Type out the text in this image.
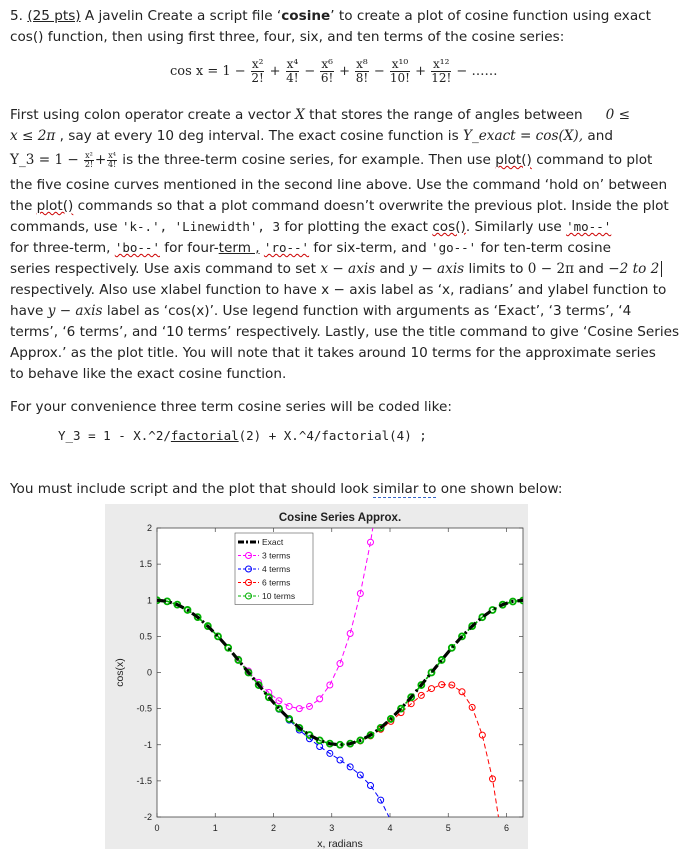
5. (25 pts) A javelin Create a script file ‘cosine’ to create a plot of cosine function using exact
cos() function, then using first three, four, six, and ten terms of the cosine series:
$\cos x = 1 - \frac{\text{x²}}{2!} + \frac{\text{x⁴}}{4!} - \frac{\text{x⁶}}{6!} + \frac{\text{x⁸}}{8!} - \frac{\text{x¹⁰}}{10!} + \frac{\text{x¹²}}{12!}$ − ……
First using colon operator create a vector X that stores the range of angles between 0 ≤
x ≤ 2π , say at every 10 deg interval. The exact cosine function is Y_exact = cos(X), and
Y_3 = $1 - \frac{\text{x²}}{2!} + \frac{\text{x⁴}}{4!}$ is the three-term cosine series, for example. Then use plot() command to plot
the five cosine curves mentioned in the second line above. Use the command ‘hold on’ between
the plot() commands so that a plot command doesn’t overwrite the previous plot. Inside the plot
commands, use 'k-.', 'Linewidth', 3 for plotting the exact cos(). Similarly use 'mo--'
for three-term, 'bo--' for four-term , 'ro--' for six-term, and 'go--' for ten-term cosine
series respectively. Use axis command to set x − axis and y − axis limits to 0 − 2π and −2 to 2
respectively. Also use xlabel function to have x − axis label as ‘x, radians’ and ylabel function to
have y − axis label as ‘cos(x)’. Use legend function with arguments as ‘Exact’, ‘3 terms’, ‘4
terms’, ‘6 terms’, and ‘10 terms’ respectively. Lastly, use the title command to give ‘Cosine Series
Approx.’ as the plot title. You will note that it takes around 10 terms for the approximate series
to behave like the exact cosine function.
For your convenience three term cosine series will be coded like:
Y_3 = 1 - X.^2/factorial(2) + X.^4/factorial(4) ;
You must include script and the plot that should look similar to one shown below:
0	1	2	3	4	5	6
-2
-1.5
-1
-0.5
0
0.5
1
1.5
2
Cosine Series Approx.
x, radians
cos(x)
Exact
3 terms
4 terms
6 terms
10 terms
